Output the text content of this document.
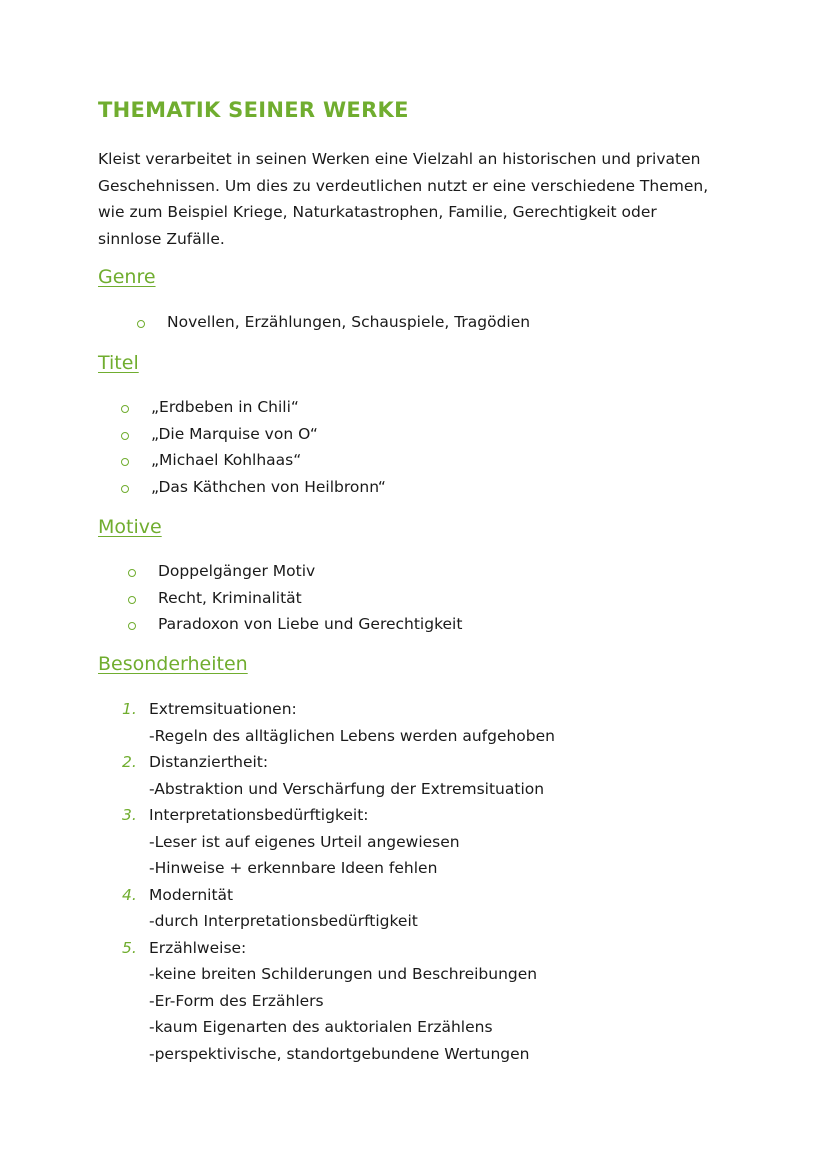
THEMATIK SEINER WERKE

Kleist verarbeitet in seinen Werken eine Vielzahl an historischen und privaten Geschehnissen. Um dies zu verdeutlichen nutzt er eine verschiedene Themen, wie zum Beispiel Kriege, Naturkatastrophen, Familie, Gerechtigkeit oder sinnlose Zufälle.

Genre
Novellen, Erzählungen, Schauspiele, Tragödien
Titel
„Erdbeben in Chili“
„Die Marquise von O“
„Michael Kohlhaas“
„Das Käthchen von Heilbronn“
Motive
Doppelgänger Motiv
Recht, Kriminalität
Paradoxon von Liebe und Gerechtigkeit
Besonderheiten
1. Extremsituationen:
-Regeln des alltäglichen Lebens werden aufgehoben
2. Distanziertheit:
-Abstraktion und Verschärfung der Extremsituation
3. Interpretationsbedürftigkeit:
-Leser ist auf eigenes Urteil angewiesen
-Hinweise + erkennbare Ideen fehlen
4. Modernität
-durch Interpretationsbedürftigkeit
5. Erzählweise:
-keine breiten Schilderungen und Beschreibungen
-Er-Form des Erzählers
-kaum Eigenarten des auktorialen Erzählens
-perspektivische, standortgebundene Wertungen
